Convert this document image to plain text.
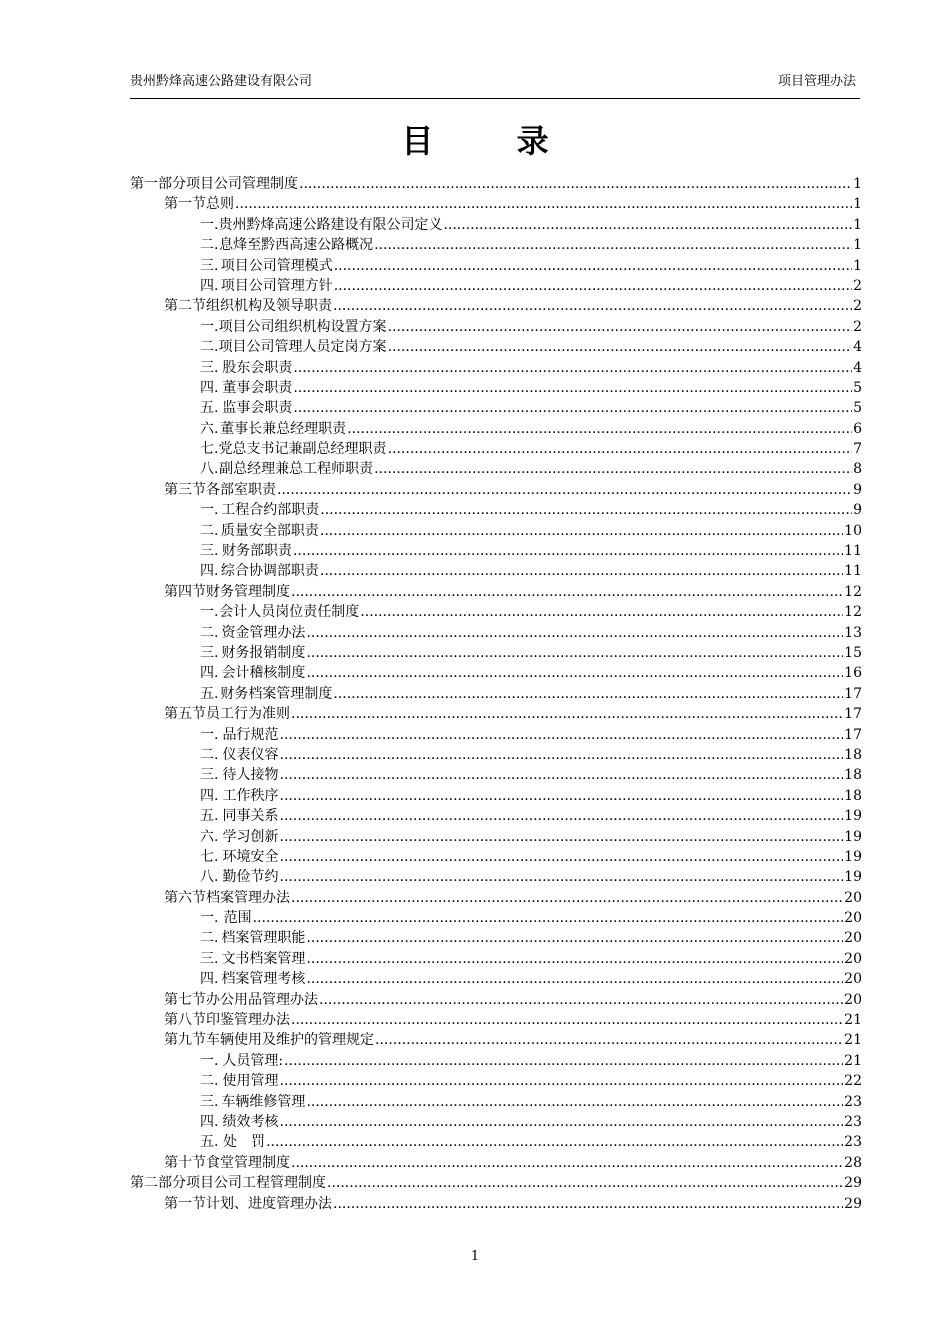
贵州黔烽高速公路建设有限公司	项目管理办法
目 录
第一部分 项目公司管理制度 .....	1
第一节 总则 .....	1
一. 贵州黔烽高速公路建设有限公司定义 .....	1
二. 息烽至黔西高速公路概况 .....	1
三. 项目公司管理模式 .....	1
四. 项目公司管理方针 .....	2
第二节 组织机构及领导职责 .....	2
一. 项目公司组织机构设置方案 .....	2
二. 项目公司管理人员定岗方案 .....	4
三. 股东会职责 .....	4
四. 董事会职责 .....	5
五. 监事会职责 .....	5
六. 董事长兼总经理职责 .....	6
七. 党总支书记兼副总经理职责 .....	7
八. 副总经理兼总工程师职责 .....	8
第三节 各部室职责 .....	9
一. 工程合约部职责 .....	9
二. 质量安全部职责 .....	10
三. 财务部职责 .....	11
四. 综合协调部职责 .....	11
第四节 财务管理制度 .....	12
一. 会计人员岗位责任制度 .....	12
二. 资金管理办法 .....	13
三. 财务报销制度 .....	15
四. 会计稽核制度 .....	16
五. 财务档案管理制度 .....	17
第五节 员工行为准则 .....	17
一. 品行规范 .....	17
二. 仪表仪容 .....	18
三. 待人接物 .....	18
四. 工作秩序 .....	18
五. 同事关系 .....	19
六. 学习创新 .....	19
七. 环境安全 .....	19
八. 勤俭节约 .....	19
第六节 档案管理办法 .....	20
一. 范围 .....	20
二. 档案管理职能 .....	20
三. 文书档案管理 .....	20
四. 档案管理考核 .....	20
第七节 办公用品管理办法 .....	20
第八节 印鉴管理办法 .....	21
第九节 车辆使用及维护的管理规定 .....	21
一. 人员管理: .....	21
二. 使用管理 .....	22
三. 车辆维修管理 .....	23
四. 绩效考核 .....	23
五. 处　罚 .....	23
第十节 食堂管理制度 .....	28
第二部分 项目公司工程管理制度 .....	29
第一节 计划、进度管理办法 .....	29
1
